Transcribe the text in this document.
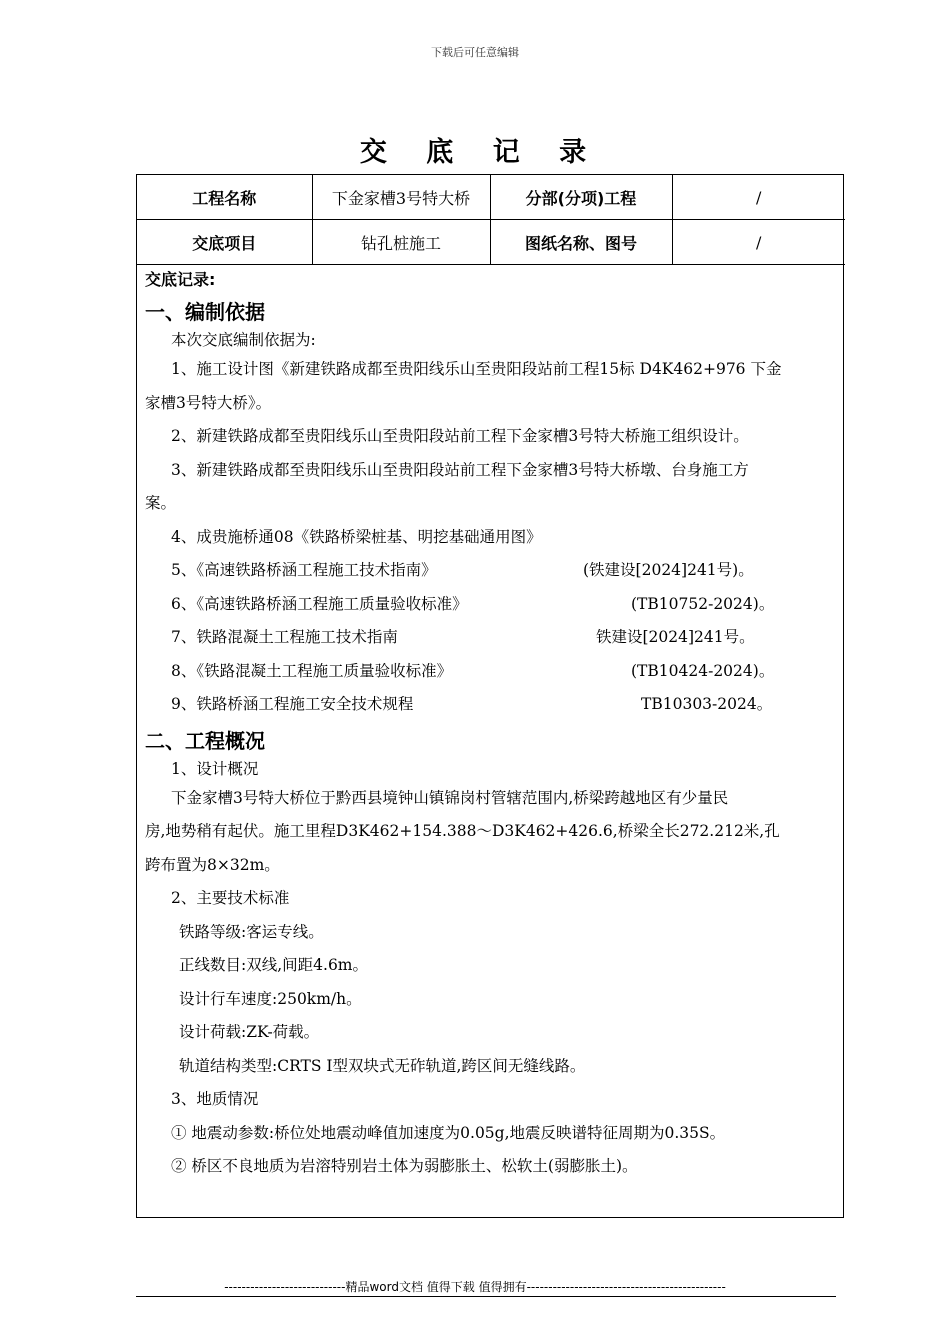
下载后可任意编辑
交 底 记 录
工程名称	下金家槽3号特大桥	分部(分项)工程	/
交底项目	钻孔桩施工	图纸名称、图号	/

交底记录:

一、编制依据

本次交底编制依据为:

1、施工设计图《新建铁路成都至贵阳线乐山至贵阳段站前工程15标 D4K462+976 下金

家槽3号特大桥》。

2、新建铁路成都至贵阳线乐山至贵阳段站前工程下金家槽3号特大桥施工组织设计。

3、新建铁路成都至贵阳线乐山至贵阳段站前工程下金家槽3号特大桥墩、台身施工方

案。

4、成贵施桥通08《铁路桥梁桩基、明挖基础通用图》

5、《高速铁路桥涵工程施工技术指南》	(铁建设[2024]241号)。

6、《高速铁路桥涵工程施工质量验收标准》	(TB10752-2024)。

7、铁路混凝土工程施工技术指南	铁建设[2024]241号。

8、《铁路混凝土工程施工质量验收标准》	(TB10424-2024)。

9、铁路桥涵工程施工安全技术规程	TB10303-2024。

二、工程概况

1、设计概况

下金家槽3号特大桥位于黔西县境钟山镇锦岗村管辖范围内,桥梁跨越地区有少量民

房,地势稍有起伏。施工里程D3K462+154.388～D3K462+426.6,桥梁全长272.212米,孔

跨布置为8×32m。

2、主要技术标准

铁路等级:客运专线。

正线数目:双线,间距4.6m。

设计行车速度:250km/h。

设计荷载:ZK-荷载。

轨道结构类型:CRTS Ⅰ型双块式无砟轨道,跨区间无缝线路。

3、地质情况

① 地震动参数:桥位处地震动峰值加速度为0.05g,地震反映谱特征周期为0.35S。

② 桥区不良地质为岩溶特别岩土体为弱膨胀土、松软土(弱膨胀土)。

----------------------------精品word文档 值得下载 值得拥有----------------------------------------------
